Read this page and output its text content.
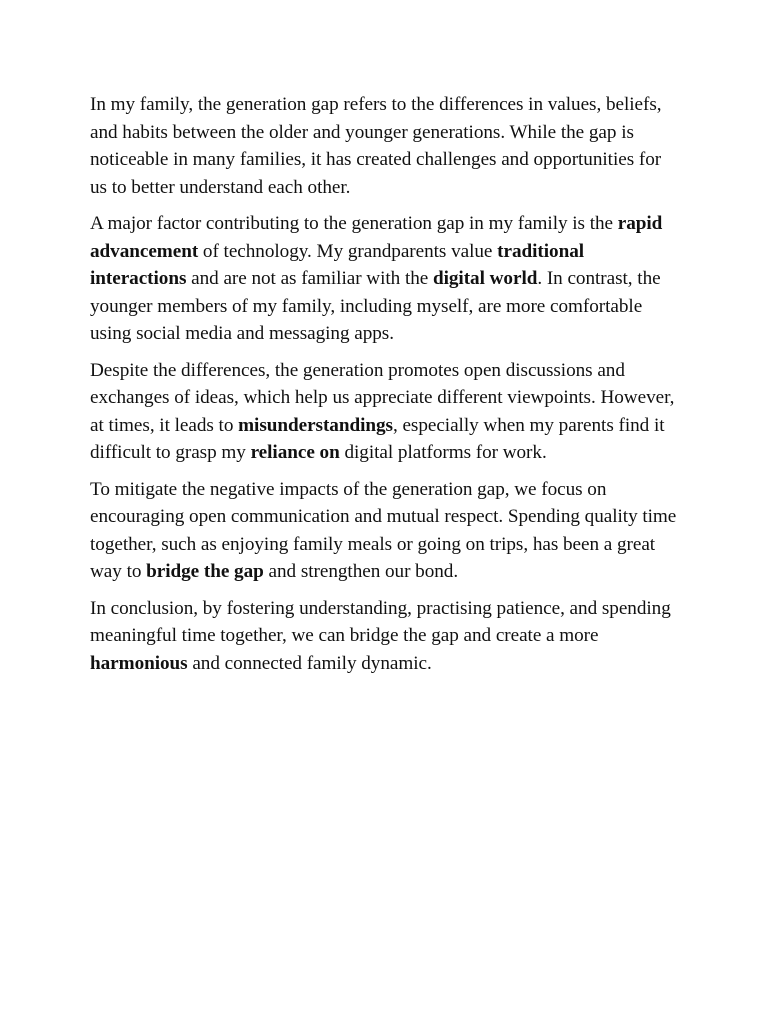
In my family, the generation gap refers to the differences in values, beliefs, and habits between the older and younger generations. While the gap is noticeable in many families, it has created challenges and opportunities for us to better understand each other.

A major factor contributing to the generation gap in my family is the rapid advancement of technology. My grandparents value traditional interactions and are not as familiar with the digital world. In contrast, the younger members of my family, including myself, are more comfortable using social media and messaging apps.

Despite the differences, the generation promotes open discussions and exchanges of ideas, which help us appreciate different viewpoints. However, at times, it leads to misunderstandings, especially when my parents find it difficult to grasp my reliance on digital platforms for work.

To mitigate the negative impacts of the generation gap, we focus on encouraging open communication and mutual respect. Spending quality time together, such as enjoying family meals or going on trips, has been a great way to bridge the gap and strengthen our bond.

In conclusion, by fostering understanding, practising patience, and spending meaningful time together, we can bridge the gap and create a more harmonious and connected family dynamic.
